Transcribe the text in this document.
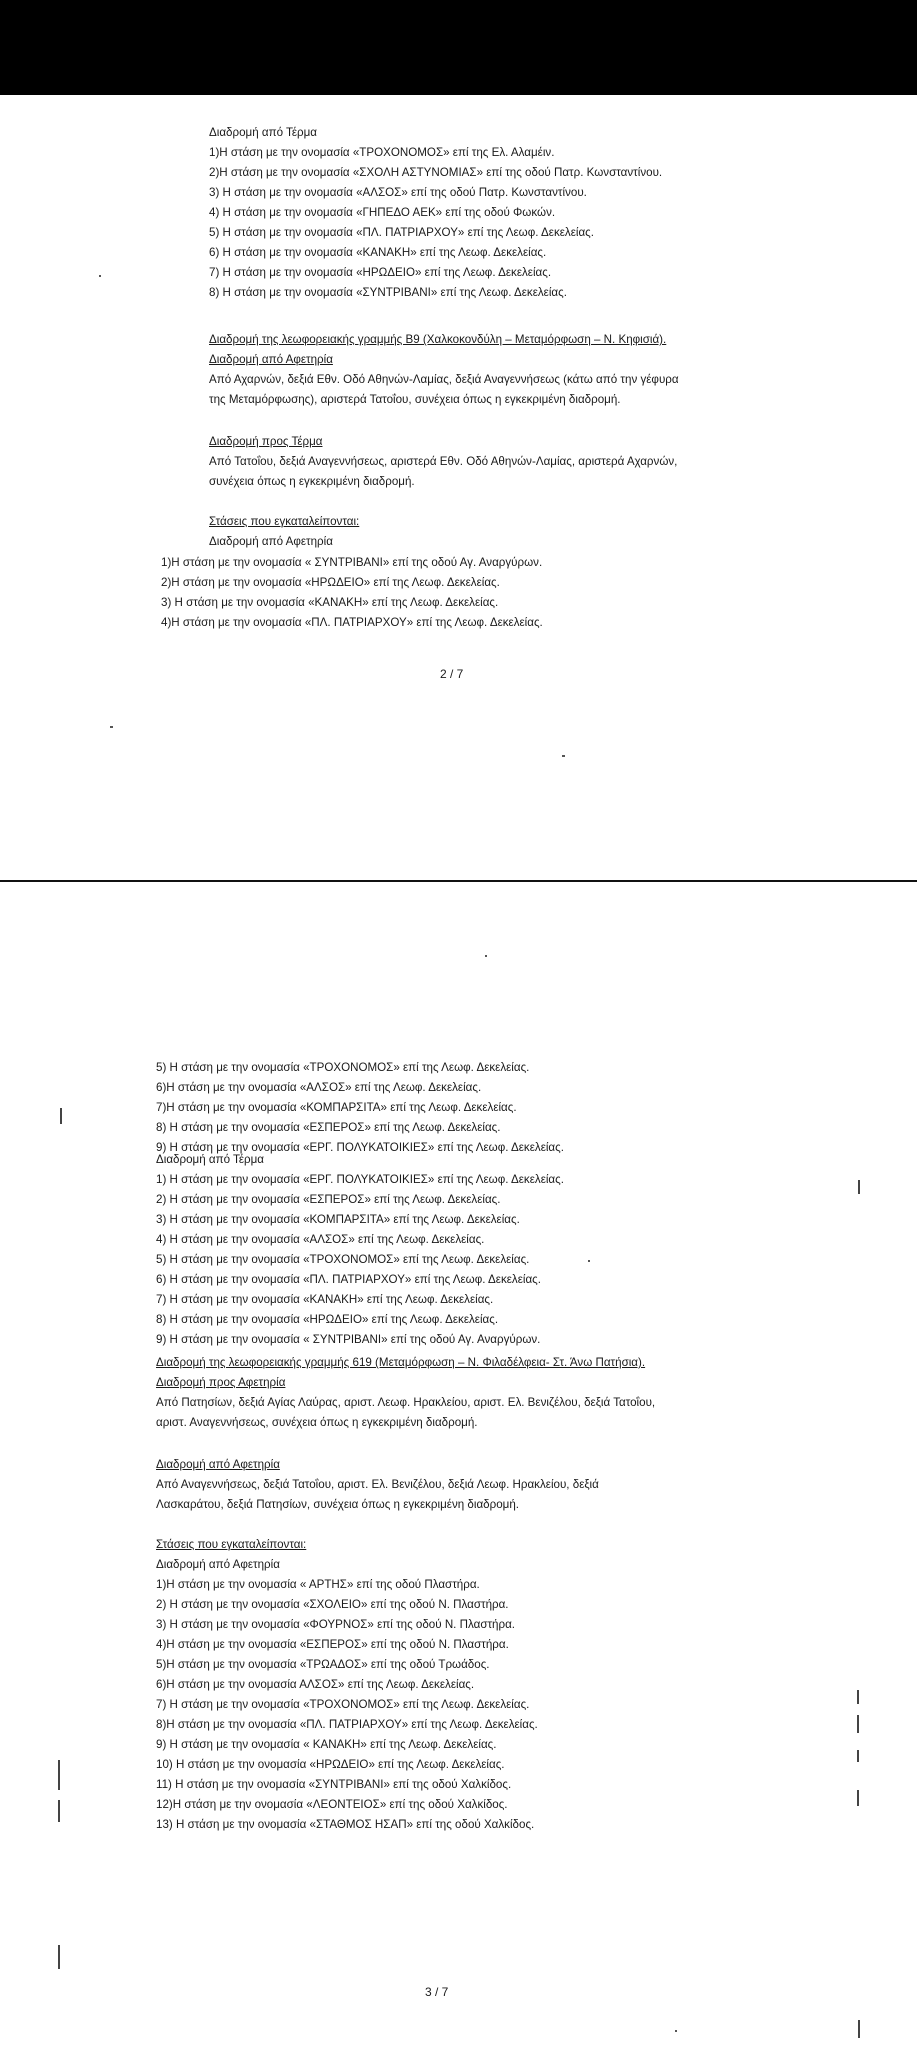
Διαδρομή από Τέρμα
1)Η στάση με την ονομασία «ΤΡΟΧΟΝΟΜΟΣ» επί της Ελ. Αλαμέιν.
2)Η στάση με την ονομασία «ΣΧΟΛΗ ΑΣΤΥΝΟΜΙΑΣ» επί της οδού Πατρ. Κωνσταντίνου.
3) Η στάση με την ονομασία «ΑΛΣΟΣ» επί της οδού Πατρ. Κωνσταντίνου.
4) Η στάση με την ονομασία «ΓΗΠΕΔΟ ΑΕΚ» επί της οδού Φωκών.
5) Η στάση με την ονομασία «ΠΛ. ΠΑΤΡΙΑΡΧΟΥ» επί της Λεωφ. Δεκελείας.
6) Η στάση με την ονομασία «ΚΑΝΑΚΗ» επί της Λεωφ. Δεκελείας.
7) Η στάση με την ονομασία «ΗΡΩΔΕΙΟ» επί της Λεωφ. Δεκελείας.
8) Η στάση με την ονομασία «ΣΥΝΤΡΙΒΑΝΙ» επί της Λεωφ. Δεκελείας.
Διαδρομή της λεωφορειακής γραμμής Β9 (Χαλκοκονδύλη – Μεταμόρφωση – Ν. Κηφισιά).
Διαδρομή από Αφετηρία
Από Αχαρνών, δεξιά Εθν. Οδό Αθηνών-Λαμίας, δεξιά Αναγεννήσεως (κάτω από την γέφυρα
της Μεταμόρφωσης), αριστερά Τατοΐου, συνέχεια όπως η εγκεκριμένη διαδρομή.
Διαδρομή προς Τέρμα
Από Τατοΐου, δεξιά Αναγεννήσεως, αριστερά Εθν. Οδό Αθηνών-Λαμίας, αριστερά Αχαρνών,
συνέχεια όπως η εγκεκριμένη διαδρομή.
Στάσεις που εγκαταλείπονται:
Διαδρομή από Αφετηρία
1)Η στάση με την ονομασία « ΣΥΝΤΡΙΒΑΝΙ» επί της οδού Αγ. Αναργύρων.
2)Η στάση με την ονομασία «ΗΡΩΔΕΙΟ» επί της Λεωφ. Δεκελείας.
3) Η στάση με την ονομασία «ΚΑΝΑΚΗ» επί της Λεωφ. Δεκελείας.
4)Η στάση με την ονομασία «ΠΛ. ΠΑΤΡΙΑΡΧΟΥ» επί της Λεωφ. Δεκελείας.
2 / 7
5) Η στάση με την ονομασία «ΤΡΟΧΟΝΟΜΟΣ» επί της Λεωφ. Δεκελείας.
6)Η στάση με την ονομασία «ΑΛΣΟΣ» επί της Λεωφ. Δεκελείας.
7)Η στάση με την ονομασία «ΚΟΜΠΑΡΣΙΤΑ» επί της Λεωφ. Δεκελείας.
8) Η στάση με την ονομασία «ΕΣΠΕΡΟΣ» επί της Λεωφ. Δεκελείας.
9) Η στάση με την ονομασία «ΕΡΓ. ΠΟΛΥΚΑΤΟΙΚΙΕΣ» επί της Λεωφ. Δεκελείας.
Διαδρομή από Τέρμα
1) Η στάση με την ονομασία «ΕΡΓ. ΠΟΛΥΚΑΤΟΙΚΙΕΣ» επί της Λεωφ. Δεκελείας.
2) Η στάση με την ονομασία «ΕΣΠΕΡΟΣ» επί της Λεωφ. Δεκελείας.
3) Η στάση με την ονομασία «ΚΟΜΠΑΡΣΙΤΑ» επί της Λεωφ. Δεκελείας.
4) Η στάση με την ονομασία «ΑΛΣΟΣ» επί της Λεωφ. Δεκελείας.
5) Η στάση με την ονομασία «ΤΡΟΧΟΝΟΜΟΣ» επί της Λεωφ. Δεκελείας.
6) Η στάση με την ονομασία «ΠΛ. ΠΑΤΡΙΑΡΧΟΥ» επί της Λεωφ. Δεκελείας.
7) Η στάση με την ονομασία «ΚΑΝΑΚΗ» επί της Λεωφ. Δεκελείας.
8) Η στάση με την ονομασία «ΗΡΩΔΕΙΟ» επί της Λεωφ. Δεκελείας.
9) Η στάση με την ονομασία « ΣΥΝΤΡΙΒΑΝΙ» επί της οδού Αγ. Αναργύρων.
Διαδρομή της λεωφορειακής γραμμής 619 (Μεταμόρφωση – Ν. Φιλαδέλφεια- Στ. Άνω Πατήσια).
Διαδρομή προς Αφετηρία
Από Πατησίων, δεξιά Αγίας Λαύρας, αριστ. Λεωφ. Ηρακλείου, αριστ. Ελ. Βενιζέλου, δεξιά Τατοΐου,
αριστ. Αναγεννήσεως, συνέχεια όπως η εγκεκριμένη διαδρομή.
Διαδρομή από Αφετηρία
Από Αναγεννήσεως, δεξιά Τατοΐου, αριστ. Ελ. Βενιζέλου, δεξιά Λεωφ. Ηρακλείου, δεξιά
Λασκαράτου, δεξιά Πατησίων, συνέχεια όπως η εγκεκριμένη διαδρομή.
Στάσεις που εγκαταλείπονται:
Διαδρομή από Αφετηρία
1)Η στάση με την ονομασία « ΑΡΤΗΣ» επί της οδού Πλαστήρα.
2) Η στάση με την ονομασία «ΣΧΟΛΕΙΟ» επί της οδού Ν. Πλαστήρα.
3) Η στάση με την ονομασία «ΦΟΥΡΝΟΣ» επί της οδού Ν. Πλαστήρα.
4)Η στάση με την ονομασία «ΕΣΠΕΡΟΣ» επί της οδού Ν. Πλαστήρα.
5)Η στάση με την ονομασία «ΤΡΩΑΔΟΣ» επί της οδού Τρωάδος.
6)Η στάση με την ονομασία ΑΛΣΟΣ» επί της Λεωφ. Δεκελείας.
7) Η στάση με την ονομασία «ΤΡΟΧΟΝΟΜΟΣ» επί της Λεωφ. Δεκελείας.
8)Η στάση με την ονομασία «ΠΛ. ΠΑΤΡΙΑΡΧΟΥ» επί της Λεωφ. Δεκελείας.
9) Η στάση με την ονομασία « ΚΑΝΑΚΗ» επί της Λεωφ. Δεκελείας.
10) Η στάση με την ονομασία «ΗΡΩΔΕΙΟ» επί της Λεωφ. Δεκελείας.
11) Η στάση με την ονομασία «ΣΥΝΤΡΙΒΑΝΙ» επί της οδού Χαλκίδος.
12)Η στάση με την ονομασία «ΛΕΟΝΤΕΙΟΣ» επί της οδού Χαλκίδος.
13) Η στάση με την ονομασία «ΣΤΑΘΜΟΣ ΗΣΑΠ» επί της οδού Χαλκίδος.
3 / 7
